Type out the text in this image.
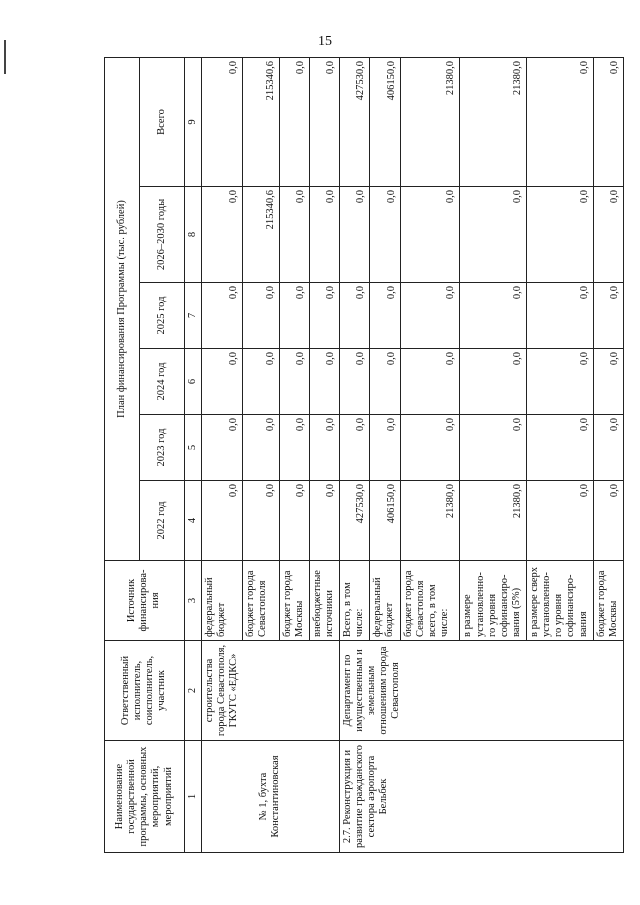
15
Наименование государственной программы, основных мероприятий, мероприятий	Ответственный исполнитель, соисполнитель, участник	Источник финансирова-ния	План финансирования Программы (тыс. рублей)					
			2022 год	2023 год	2024 год	2025 год	2026–2030 годы	Всего
1	2	3	4	5	6	7	8	9
№ 1, бухта Константиновская	строительства города Севастополя, ГКУГС «ЕДКС»	федеральный бюджет	0,0	0,0	0,0	0,0	0,0	0,0
		бюджет города Севастополя	0,0	0,0	0,0	0,0	215340,6	215340,6
		бюджет города Москвы	0,0	0,0	0,0	0,0	0,0	0,0
		внебюджетные источники	0,0	0,0	0,0	0,0	0,0	0,0
2.7. Реконструкция и развитие гражданского сектора аэропорта Бельбек	Департамент по имущественным и земельным отношениям города Севастополя	Всего, в том числе:	427530,0	0,0	0,0	0,0	0,0	427530,0
		федеральный бюджет	406150,0	0,0	0,0	0,0	0,0	406150,0
		бюджет города Севастополя всего, в том числе:	21380,0	0,0	0,0	0,0	0,0	21380,0
		в размере установленно-го уровня софинансиро-вания (5%)	21380,0	0,0	0,0	0,0	0,0	21380,0
		в размере сверх установленно-го уровня софинансиро-вания	0,0	0,0	0,0	0,0	0,0	0,0
		бюджет города Москвы	0,0	0,0	0,0	0,0	0,0	0,0
